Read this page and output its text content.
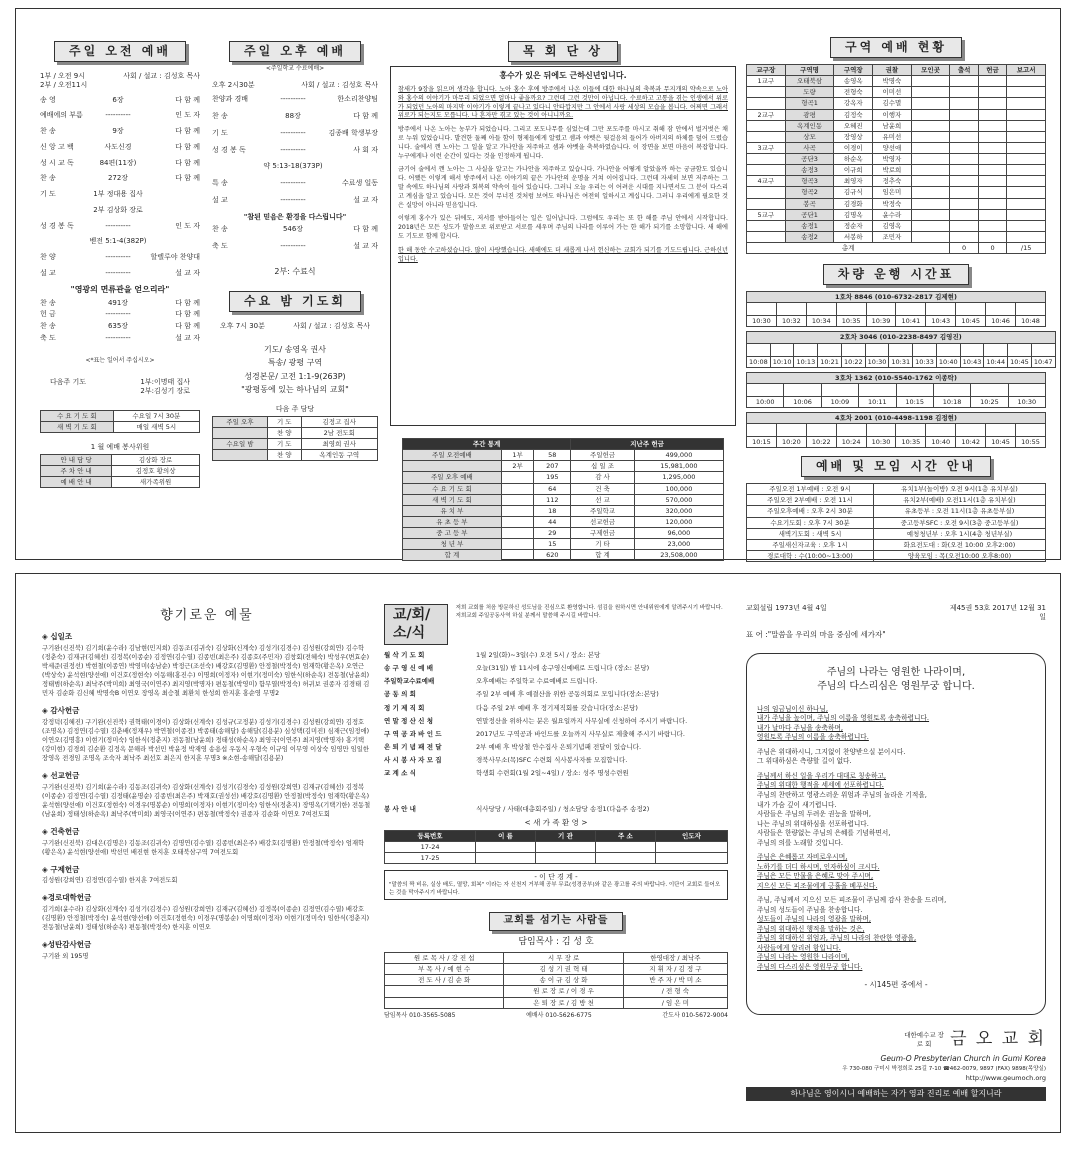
주일 오전 예배
1부 / 오전 9시
2부 / 오전11시
사회 / 설교 : 김성호 목사
송 영	6장	다 함 께
예배에의 부름	----------	인 도 자
찬 송	9장	다 함 께
신 앙 고 백	사도신경	다 함 께
성 시 교 독	84편(11장)	다 함 께
찬 송	272장	다 함 께
기 도	1부 정대용 집사
2부 김상화 장로
성 경 봉 독	----------	인 도 자
벧전 5:1-4(382P)
찬 양	----------	할렐루야 찬양대
설 교	----------	설 교 자
"영광의 면류관을 얻으리라"
찬 송	491장	다 함 께
헌 금	----------	다 함 께
찬 송	635장	다 함 께
축 도	----------	설 교 자
<*표는 일어서 주십시오>
다음주 기도	1부:이명태 집사
2부:김성기 장로
수 요 기 도 회	수요일 7시 30분
새 벽 기 도 회	매일 새벽 5시
1 월 예배 봉사위원
안 내 담 당	김상화 장로
주 차 안 내	김정호 황의상
예 배 안 내	새가족위원
주일 오후 예배
<주일학교 수료예배>
오후 2시30분	사회 / 설교 : 김성호 목사
찬양과 경배	----------	한소리찬양팀
찬 송	88장	다 함 께
기 도	----------	김종배 학생부장
성 경 봉 독	----------	사 회 자
약 5:13-18(373P)
특 송	----------	수료생 일동
설 교	----------	설 교 자
"참된 믿음은 환경을 다스립니다"
찬 송	546장	다 함 께
축 도	----------	설 교 자
2부: 수료식
수요 밤 기도회
오후 7시 30분	사회 / 설교 : 김성호 목사
기도/ 송영옥 권사
특송/ 광평 구역
성경본문/ 고전 1:1-9(263P)
"광평동에 있는 하나님의 교회"
다음 주 담당
주일 오후	기 도	김정고 집사
	찬 양	2남 전도회
수요일 밤	기 도	최영희 권사
	찬 양	옥계인동 구역
목 회 단 상
홍수가 있은 뒤에도 근하신년입니다.

참새가 9장을 읽으며 생각을 합니다. 노아 홍수 후에 방주에서 나온 이들에 대한 하나님의 축복과 무지개의 약속으로 노아와 홍수의 이야기가 마무리 되었으면 얼마나 좋을까요? 그런데 그런 것만이 아닙니다. 수료하고 고통을 겪는 인생에서 위로가 되었던 노아의 마지막 이야기가 이렇게 끝나고 있다니 안타깝지만 그 안에서 사랑 세상의 모습을 봅니다. 어쩌면 그래서 위로가 되는지도 모릅니다. 나 혼자만 겪고 있는 것이 아니니까요.

방주에서 나온 노아는 농부가 되었습니다. 그리고 포도나무를 심었는데 그만 포도주를 마시고 취해 잠 안에서 벌거벗은 채로 누워 있었습니다. 발견한 둘째 아들 함이 형제들에게 알렸고 셈과 야벳은 뒷걸음쳐 들어가 아버지의 하체를 덮어 드렸습니다. 술에서 깬 노아는 그 일을 알고 가나안을 저주하고 셈과 야벳을 축복하였습니다. 이 장면을 보면 마음이 복잡합니다. 누구에게나 이런 순간이 있다는 것을 인정하게 됩니다.

금기어 술에서 깬 노아는 그 사실을 알고는 가나안을 저주하고 있습니다. 가나안을 어떻게 알았을까 하는 궁금함도 있습니다. 어쨌든 이렇게 해서 방주에서 나온 이야기의 끝은 가나안의 운명을 거쳐 이어집니다. 그런데 자세히 보면 저주하는 그 말 속에도 하나님의 사랑과 회복의 약속이 들어 있습니다. 그러니 오늘 우리는 이 어려운 시대를 지나면서도 그 분이 다스리고 계심을 알고 있습니다. 모든 것이 무너진 것처럼 보여도 하나님은 여전히 일하시고 계십니다. 그러니 우리에게 필요한 것은 실망이 아니라 믿음입니다.

이렇게 홍수가 있은 뒤에도, 저서를 받아들이는 일은 일어납니다. 그럼에도 우리는 또 한 해를 주님 안에서 시작합니다. 2018년은 모든 성도가 말씀으로 위로받고 서로를 세우며 주님의 나라를 이루어 가는 한 해가 되기를 소망합니다. 새 해에도 기도로 함께 합시다.

한 해 동안 수고하셨습니다. 많이 사랑했습니다. 새해에도 더 새롭게 나서 헌신하는 교회가 되기를 기도드립니다. 근하신년입니다.

주간 통계			지난주 헌금	
주일 오전예배	1부	58	주일헌금	499,000
	2부	207	십 일 조	15,981,000
주일 오후 예배		195	감 사	1,295,000
수 요 기 도 회		64	건 축	100,000
새 벽 기 도 회		112	선 교	570,000
유 치 부		18	주일학교	320,000
유 초 등 부		44	선교헌금	120,000
중 고 등 부		29	구제헌금	96,000
청 년 부		15	기 타	23,000
합 계		620	합 계	23,508,000
구역 예배 현황
교구장	구역명	구역장	권찰	모인곳	출석	헌금	보고서
1교구	오태북삼	송영옥	박명숙				
	도량	전형숙	이미선				
	형곡1	강옥자	김수멸				
2교구	광평	김정숙	이행자				
	옥계인동	오혜진	남윤희				
	상모	장영상	유미선				
3교구	사곡	이경이	양선애				
	공단3	하순옥	박영자				
	송정3	이규희	박로희				
4교구	형곡3	최영자	정추숙				
	형곡2	김규식	임은미				
	봉곡	김경화	박정숙				
5교구	공단1	김명옥	윤수라				
	송정1	정순자	김영옥				
	송정2	서봉하	조민자				
총계					0	0	/15
차량 운행 시간표
1호차 8846 (010-6732-2817 김제현)									

10:30	10:32	10:34	10:35	10:39	10:41	10:43	10:45	10:46	10:48
2호차 3046 (010-2238-8497 김영진)												

10:08	10:10	10:13	10:21	10:22	10:30	10:31	10:33	10:40	10:43	10:44	10:45	10:47
3호차 1362 (010-5540-1762 이종탁)							

10:00	10:06	10:09	10:11	10:15	10:18	10:25	10:30
4호차 2001 (010-4498-1198 김정현)									

10:15	10:20	10:22	10:24	10:30	10:35	10:40	10:42	10:45	10:55
예배 및 모임 시간 안내
주일오전 1부예배 : 오전 9시	유치1부(놀이방) 오전 9시(1층 유치부실)
주일오전 2부예배 : 오전 11시	유치2부(예배) 오전11시(1층 유치부실)
주일오후예배 : 오후 2시 30분	유초등부 : 오전 11시(1층 유초등부실)
수요기도회 : 오후 7시 30분	중고등부SFC : 오전 9시(3층 중고등부실)
새벽기도회 : 새벽 5시	예청청년부 : 오후 1시(4층 청년부실)
주일새신자교육 : 오후 1시	화요전도대 : 화(오전 10:00 오후2:00)
경로대학 : 수(10:00~13:00)	양육모임 : 목(오전10:00 오후8:00)
향기로운 예물
◈ 십일조
구기완(신진북) 김기희(윤수라) 김남현(민지희) 김동조(김귀숙) 김상화(신계숙) 김성기(김경수) 김성원(강희연) 김수학(정춘숙) 김재규(김혜선) 김정복(이종순) 김정연(김수열) 김종빈(최은주) 김종호(주민자) 김창회(전혜숙) 박성우(변효순) 박세준(권정선) 박현철(이종연) 박영미(송남순) 박정근(조선숙) 배강호(김명환) 안정철(박정숙) 엄재학(황은옥) 오연근(박상숙) 윤석현(양선애) 이건호(정현숙) 이동해(홍진수) 이명희(이정자) 이현기(정미숙) 임한식(하순옥) 전동철(남윤희) 정태범(하순옥) 최낙주(박미희) 최영국(이연주) 최지영(박명자) 편동철(박영미) 함무열(박정숙) 허귀보 권종자 김경태 김민자 김순화 김신혜 박명숙B 이연오 장영옥 최승철 최환치 한성희 한지훈 홍순영 무명2
◈ 감사헌금
강정덕(김혜진) 구기완(신진북) 권혁태(이경이) 김상화(신계숙) 김성규(고정분) 김성기(김경수) 김성원(강희연) 김정호(조명옥) 김정연(김수열) 김춘배(정재우) 박연철(이종전) 박종태(송해달) 송해달(김용분) 심성택(김미진) 심재근(임정애) 이연오(김명흥) 이현기(정미숙) 임한식(정춘지) 전동철(남윤희) 정태성(하순옥) 최영국(이연주) 최지영(박명자) 홍기택(강미현) 김경희 김순환 김정옥 문해라 박선민 박윤정 박재영 송용섭 우동식 우형숙 이규임 이무영 이상숙 임영만 임일한 장영옥 전경임 조명옥 조숙자 최낙주 최선호 최은지 한지훈 무명3 ※소현-송해달(김용분)
◈ 선교헌금
구기완(신진북) 김기희(윤수라) 김동조(김귀숙) 김상화(신계숙) 김성기(김경숙) 김성원(강희연) 김재규(김혜선) 김정복(이종순) 김정연(김수열) 김정태(윤명순) 김종빈(최은주) 박재호(권성선) 배강호(김명환) 안정철(박정숙) 엄재학(황은옥) 윤석현(양선애) 이건호(정현숙) 이경우(명봉순) 이명희(이정자) 이현기(정미숙) 임한식(정춘지) 장명옥(기택기한) 전동철(남윤희) 정태성(하순옥) 최낙주(박미희) 최영국(이연주) 편동철(박정숙) 권종자 김순화 이연오 7여전도회
◈ 건축헌금
구기완(신진북) 김대은(김명은) 김동조(김귀숙) 김명연(김수열) 김종빈(최은주) 배강호(김명환) 안정철(박정숙) 엄재학(황은옥) 윤석현(양선애) 박선민 배진현 한지훈 오태북삼구역 7여전도회
◈ 구제헌금
김성원(강희연) 김정연(김수열) 한지훈 7여전도회
◈경로대학헌금
김기희(윤수라) 김상화(신계숙) 김성기(김경수) 김성원(강희연) 김재규(김혜선) 김정복(이종순) 김정연(김수열) 배강호(김명환) 안정철(박정숙) 윤석현(양선애) 이건호(정현숙) 이경우(명봉순) 이명희(이정자) 이현기(정미숙) 임한식(정춘지) 전동철(남윤희) 정태성(하순옥) 편동철(박정숙) 한지훈 이연오
◈성탄감사헌금
구기완 외 195명
교/회/소/식
저희 교회를 처음 방문하신 성도님을 진심으로 환영합니다. 섬김을 원하시면 안내위원에게 알려주시기 바랍니다. 저희교회 주일공동사역 하실 분께서 말씀해 주시길 바랍니다.
월 삭 기 도 회	1월 2일(화)~3일(수) 오전 5시 / 장소: 본당
송 구 영 신 예 배	오늘(31일) 밤 11시에 송구영신예배로 드립니다 (장소: 본당)
주일학교수료예배	오후예배는 주일학교 수료예배로 드립니다.
공 동 의 회	주일 2부 예배 후 예결산을 위한 공동의회로 모입니다(장소:본당)
정 기 제 직 회	다음 주일 2부 예배 후 정기제직회를 갖습니다(장소:본당)
연 말 정 산 신 청	연말정산을 위하시는 분은 월요일까지 사무실에 신청하여 주시기 바랍니다.
구 역 공 과 바 인 드	2017년도 구역공과 바인드를 오늘까지 사무실로 제출해 주시기 바랍니다.
은 퇴 기 념 패 전 달	2부 예배 후 박상철 안수집사 은퇴기념패 전달이 있습니다.
사 시 봉 사 자 모 집	경북사무소(목)SFC 수련회 식사봉사자를 모집합니다.
교 계 소 식	학생회 수련회(1월 2일~4일) / 장소: 성주 명성수련원
봉 사 안 내	식사당당 / 사태(대총회주일) / 청소담당 송정1(다음주 송정2)
< 새 가 족 환 영 >
등록번호	이 름	기 관	주 소	인도자
17-24				
17-25				
- 이 단 경 계 -
"말씀의 짝 비유, 실상 배도, 멸망, 회복" 이라는 자 신천지 거부해 공부 무료(성경공부)와 같은 광고를 주의 바랍니다. 이단이 교회로 들어오는 것을 막아주시기 바랍니다.
교회를 섬기는 사람들
담임목사 : 김 성 호
원 로 목 사 / 강 진 섭	시 무 장 로	한영대장 / 최낙주
부 목 사 / 예 현 수	김 성 기 권 혁 태	지 휘 자 / 김 정 구
전 도 사 / 김 순 화	송 이 규 김 상 화	반 주 자 / 박 미 소
	원 로 장 로 / 이 경 우	/ 전 형 숙
	은 퇴 장 로 / 김 방 천	/ 임 은 미
담임목사 010-3565-5085	예배사 010-5626-6775	간도사 010-5672-9004
교회설립 1973년 4월 4일	제45권 53호 2017년 12월 31일
표 어 :"말씀을 우리의 마음 중심에 세가자"
주님의 나라는 영원한 나라이며,
주님의 다스리심은 영원무궁 합니다.
나의 임금님이신 하나님,
내가 주님을 높이며, 주님의 이름을 영원토록 송축하렵니다.
내가 날마다 주님을 송축하며,
영원토록 주님의 이름을 송축하렵니다.

주님은 위대하시니, 그지없이 찬양받으실 분이시다.
그 위대하심은 측량할 길이 없다.

주님께서 하신 일을 우리가 대대로 칭송하고,
주님의 위대한 행적을 세세에 선포하렵니다.
주님의 찬란하고 영광스러운 위엄과 주님의 놀라운 기적을,
내가 가슴 깊이 새기렵니다.
사람들은 주님의 두려운 권능을 말하며,
나는 주님의 위대하심을 선포하렵니다.
사람들은 한량없는 주님의 은혜를 기념하면서,
주님의 의를 노래할 것입니다.

주님은 은혜롭고 자비로우시며,
노하기를 더디 하시며, 인자하심이 크시다.
주님은 모든 만물을 은혜로 맞아 주시며,
지으신 모든 피조물에게 긍휼을 베푸신다.

주님, 주님께서 지으신 모든 피조물이 주님께 감사 찬송을 드리며,
주님의 성도들이 주님을 찬송합니다.
성도들이 주님의 나라의 영광을 말하며,
주님의 위대하신 행적을 말하는 것은,
주님의 위대하신 위엄과, 주님의 나라의 찬란한 영광을,
사람들에게 알리려 함입니다.
주님의 나라는 영원한 나라이며,
주님의 다스리심은 영원무궁 합니다.
- 시145편 중에서 -
대한예수교 장 로 회	금 오 교 회
Geum-O Presbyterian Church in Gumi Korea
우 730-080 구미시 박정희로 25길 7-10 ☎462-0079, 9897 (FAX) 9898(목양실)
http://www.geumoch.org
하나님은 영이시니 예배하는 자가 영과 진리로 예배 할지니라
